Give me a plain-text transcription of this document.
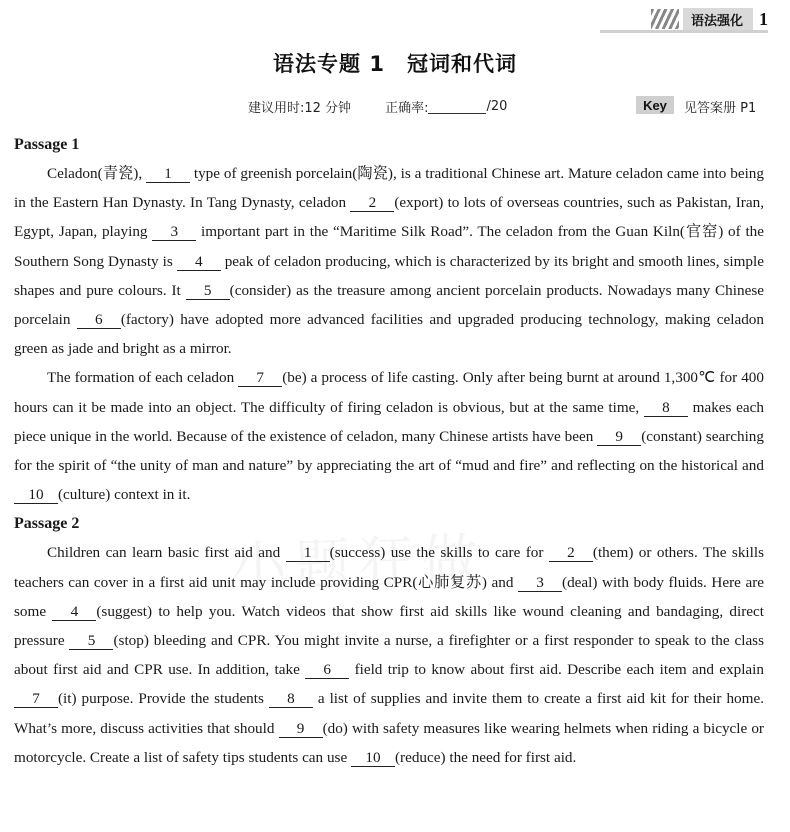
语法强化 1
语法专题 1　冠词和代词
建议用时:12 分钟	正确率:	/20	Key	见答案册 P1
Passage 1

Celadon(青瓷), 1 type of greenish porcelain(陶瓷), is a traditional Chinese art. Mature celadon came into being in the Eastern Han Dynasty. In Tang Dynasty, celadon 2 (export) to lots of overseas countries, such as Pakistan, Iran, Egypt, Japan, playing 3 important part in the “Maritime Silk Road”. The celadon from the Guan Kiln(官窑) of the Southern Song Dynasty is 4 peak of celadon producing, which is characterized by its bright and smooth lines, simple shapes and pure colours. It 5 (consider) as the treasure among ancient porcelain products. Nowadays many Chinese porcelain 6 (factory) have adopted more advanced facilities and upgraded producing technology, making celadon green as jade and bright as a mirror.

The formation of each celadon 7 (be) a process of life casting. Only after being burnt at around 1,300℃ for 400 hours can it be made into an object. The difficulty of firing celadon is obvious, but at the same time, 8 makes each piece unique in the world. Because of the existence of celadon, many Chinese artists have been 9 (constant) searching for the spirit of “the unity of man and nature” by appreciating the art of “mud and fire” and reflecting on the historical and 10 (culture) context in it.

Passage 2

Children can learn basic first aid and 1 (success) use the skills to care for 2 (them) or others. The skills teachers can cover in a first aid unit may include providing CPR(心肺复苏) and 3 (deal) with body fluids. Here are some 4 (suggest) to help you. Watch videos that show first aid skills like wound cleaning and bandaging, direct pressure 5 (stop) bleeding and CPR. You might invite a nurse, a firefighter or a first responder to speak to the class about first aid and CPR use. In addition, take 6 field trip to know about first aid. Describe each item and explain 7 (it) purpose. Provide the students 8 a list of supplies and invite them to create a first aid kit for their home. What’s more, discuss activities that should 9 (do) with safety measures like wearing helmets when riding a bicycle or motorcycle. Create a list of safety tips students can use 10 (reduce) the need for first aid.
